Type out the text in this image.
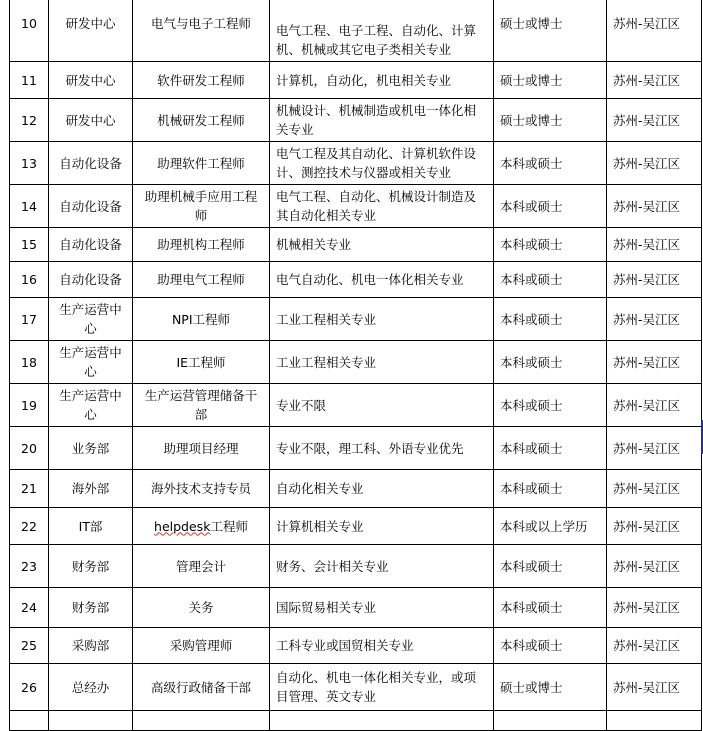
10	研发中心	电气与电子工程师	电气工程、电子工程、自动化、计算机、机械或其它电子类相关专业	硕士或博士	苏州-吴江区
11	研发中心	软件研发工程师	计算机，自动化，机电相关专业	硕士或博士	苏州-吴江区
12	研发中心	机械研发工程师	机械设计、机械制造或机电一体化相关专业	硕士或博士	苏州-吴江区
13	自动化设备	助理软件工程师	电气工程及其自动化、计算机软件设计、测控技术与仪器或相关专业	本科或硕士	苏州-吴江区
14	自动化设备	助理机械手应用工程师	电气工程、自动化、机械设计制造及其自动化相关专业	本科或硕士	苏州-吴江区
15	自动化设备	助理机构工程师	机械相关专业	本科或硕士	苏州-吴江区
16	自动化设备	助理电气工程师	电气自动化、机电一体化相关专业	本科或硕士	苏州-吴江区
17	生产运营中心	NPI工程师	工业工程相关专业	本科或硕士	苏州-吴江区
18	生产运营中心	IE工程师	工业工程相关专业	本科或硕士	苏州-吴江区
19	生产运营中心	生产运营管理储备干部	专业不限	本科或硕士	苏州-吴江区
20	业务部	助理项目经理	专业不限，理工科、外语专业优先	本科或硕士	苏州-吴江区
21	海外部	海外技术支持专员	自动化相关专业	本科或硕士	苏州-吴江区
22	IT部	helpdesk工程师	计算机相关专业	本科或以上学历	苏州-吴江区
23	财务部	管理会计	财务、会计相关专业	本科或硕士	苏州-吴江区
24	财务部	关务	国际贸易相关专业	本科或硕士	苏州-吴江区
25	采购部	采购管理师	工科专业或国贸相关专业	本科或硕士	苏州-吴江区
26	总经办	高级行政储备干部	自动化、机电一体化相关专业，或项目管理、英文专业	硕士或博士	苏州-吴江区
